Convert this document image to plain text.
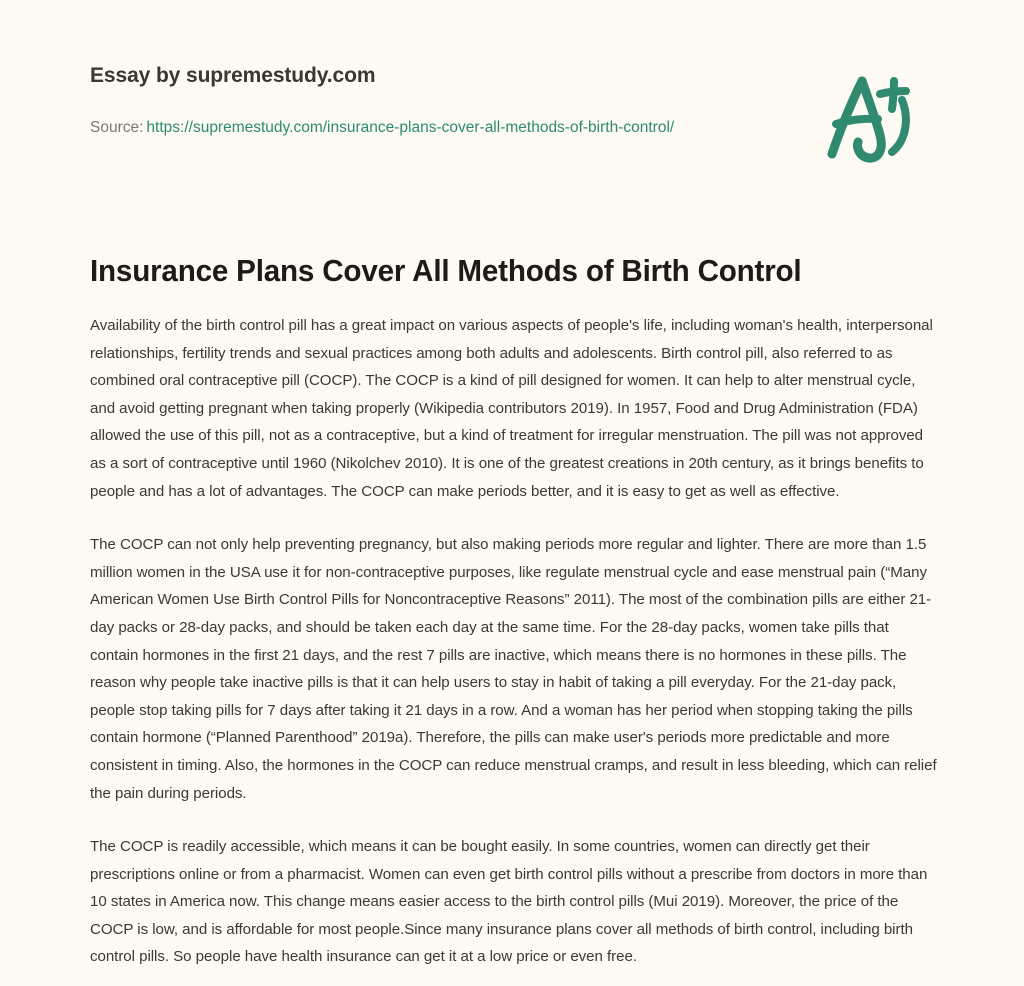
Essay by supremestudy.com
Source: https://supremestudy.com/insurance-plans-cover-all-methods-of-birth-control/
Insurance Plans Cover All Methods of Birth Control

Availability of the birth control pill has a great impact on various aspects of people's life, including woman's health, interpersonal relationships, fertility trends and sexual practices among both adults and adolescents. Birth control pill, also referred to as combined oral contraceptive pill (COCP). The COCP is a kind of pill designed for women. It can help to alter menstrual cycle, and avoid getting pregnant when taking properly (Wikipedia contributors 2019). In 1957, Food and Drug Administration (FDA) allowed the use of this pill, not as a contraceptive, but a kind of treatment for irregular menstruation. The pill was not approved as a sort of contraceptive until 1960 (Nikolchev 2010). It is one of the greatest creations in 20th century, as it brings benefits to people and has a lot of advantages. The COCP can make periods better, and it is easy to get as well as effective.

The COCP can not only help preventing pregnancy, but also making periods more regular and lighter. There are more than 1.5 million women in the USA use it for non-contraceptive purposes, like regulate menstrual cycle and ease menstrual pain (“Many American Women Use Birth Control Pills for Noncontraceptive Reasons” 2011). The most of the combination pills are either 21-day packs or 28-day packs, and should be taken each day at the same time. For the 28-day packs, women take pills that contain hormones in the first 21 days, and the rest 7 pills are inactive, which means there is no hormones in these pills. The reason why people take inactive pills is that it can help users to stay in habit of taking a pill everyday. For the 21-day pack, people stop taking pills for 7 days after taking it 21 days in a row. And a woman has her period when stopping taking the pills contain hormone (“Planned Parenthood” 2019a). Therefore, the pills can make user's periods more predictable and more consistent in timing. Also, the hormones in the COCP can reduce menstrual cramps, and result in less bleeding, which can relief the pain during periods.

The COCP is readily accessible, which means it can be bought easily. In some countries, women can directly get their prescriptions online or from a pharmacist. Women can even get birth control pills without a prescribe from doctors in more than 10 states in America now. This change means easier access to the birth control pills (Mui 2019). Moreover, the price of the COCP is low, and is affordable for most people.Since many insurance plans cover all methods of birth control, including birth control pills. So people have health insurance can get it at a low price or even free.
